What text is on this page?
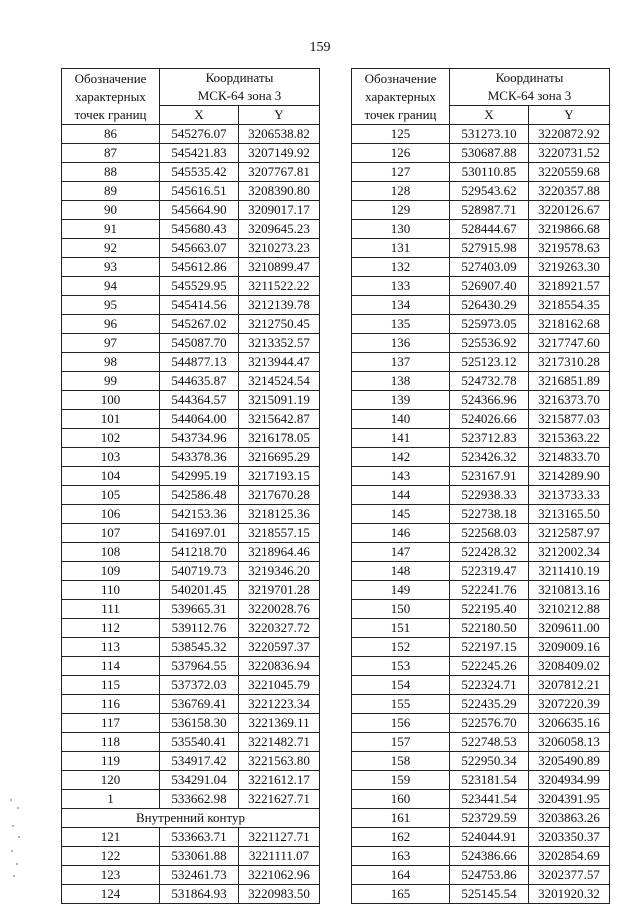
159
Обозначение
характерных
точек границ	Координаты
МСК-64 зона 3	

	X	Y
86	545276.07	3206538.82
87	545421.83	3207149.92
88	545535.42	3207767.81
89	545616.51	3208390.80
90	545664.90	3209017.17
91	545680.43	3209645.23
92	545663.07	3210273.23
93	545612.86	3210899.47
94	545529.95	3211522.22
95	545414.56	3212139.78
96	545267.02	3212750.45
97	545087.70	3213352.57
98	544877.13	3213944.47
99	544635.87	3214524.54
100	544364.57	3215091.19
101	544064.00	3215642.87
102	543734.96	3216178.05
103	543378.36	3216695.29
104	542995.19	3217193.15
105	542586.48	3217670.28
106	542153.36	3218125.36
107	541697.01	3218557.15
108	541218.70	3218964.46
109	540719.73	3219346.20
110	540201.45	3219701.28
111	539665.31	3220028.76
112	539112.76	3220327.72
113	538545.32	3220597.37
114	537964.55	3220836.94
115	537372.03	3221045.79
116	536769.41	3221223.34
117	536158.30	3221369.11
118	535540.41	3221482.71
119	534917.42	3221563.80
120	534291.04	3221612.17
1	533662.98	3221627.71
Внутренний контур		
121	533663.71	3221127.71
122	533061.88	3221111.07
123	532461.73	3221062.96
124	531864.93	3220983.50
Обозначение
характерных
точек границ	Координаты
МСК-64 зона 3	

	X	Y
125	531273.10	3220872.92
126	530687.88	3220731.52
127	530110.85	3220559.68
128	529543.62	3220357.88
129	528987.71	3220126.67
130	528444.67	3219866.68
131	527915.98	3219578.63
132	527403.09	3219263.30
133	526907.40	3218921.57
134	526430.29	3218554.35
135	525973.05	3218162.68
136	525536.92	3217747.60
137	525123.12	3217310.28
138	524732.78	3216851.89
139	524366.96	3216373.70
140	524026.66	3215877.03
141	523712.83	3215363.22
142	523426.32	3214833.70
143	523167.91	3214289.90
144	522938.33	3213733.33
145	522738.18	3213165.50
146	522568.03	3212587.97
147	522428.32	3212002.34
148	522319.47	3211410.19
149	522241.76	3210813.16
150	522195.40	3210212.88
151	522180.50	3209611.00
152	522197.15	3209009.16
153	522245.26	3208409.02
154	522324.71	3207812.21
155	522435.29	3207220.39
156	522576.70	3206635.16
157	522748.53	3206058.13
158	522950.34	3205490.89
159	523181.54	3204934.99
160	523441.54	3204391.95
161	523729.59	3203863.26
162	524044.91	3203350.37
163	524386.66	3202854.69
164	524753.86	3202377.57
165	525145.54	3201920.32
